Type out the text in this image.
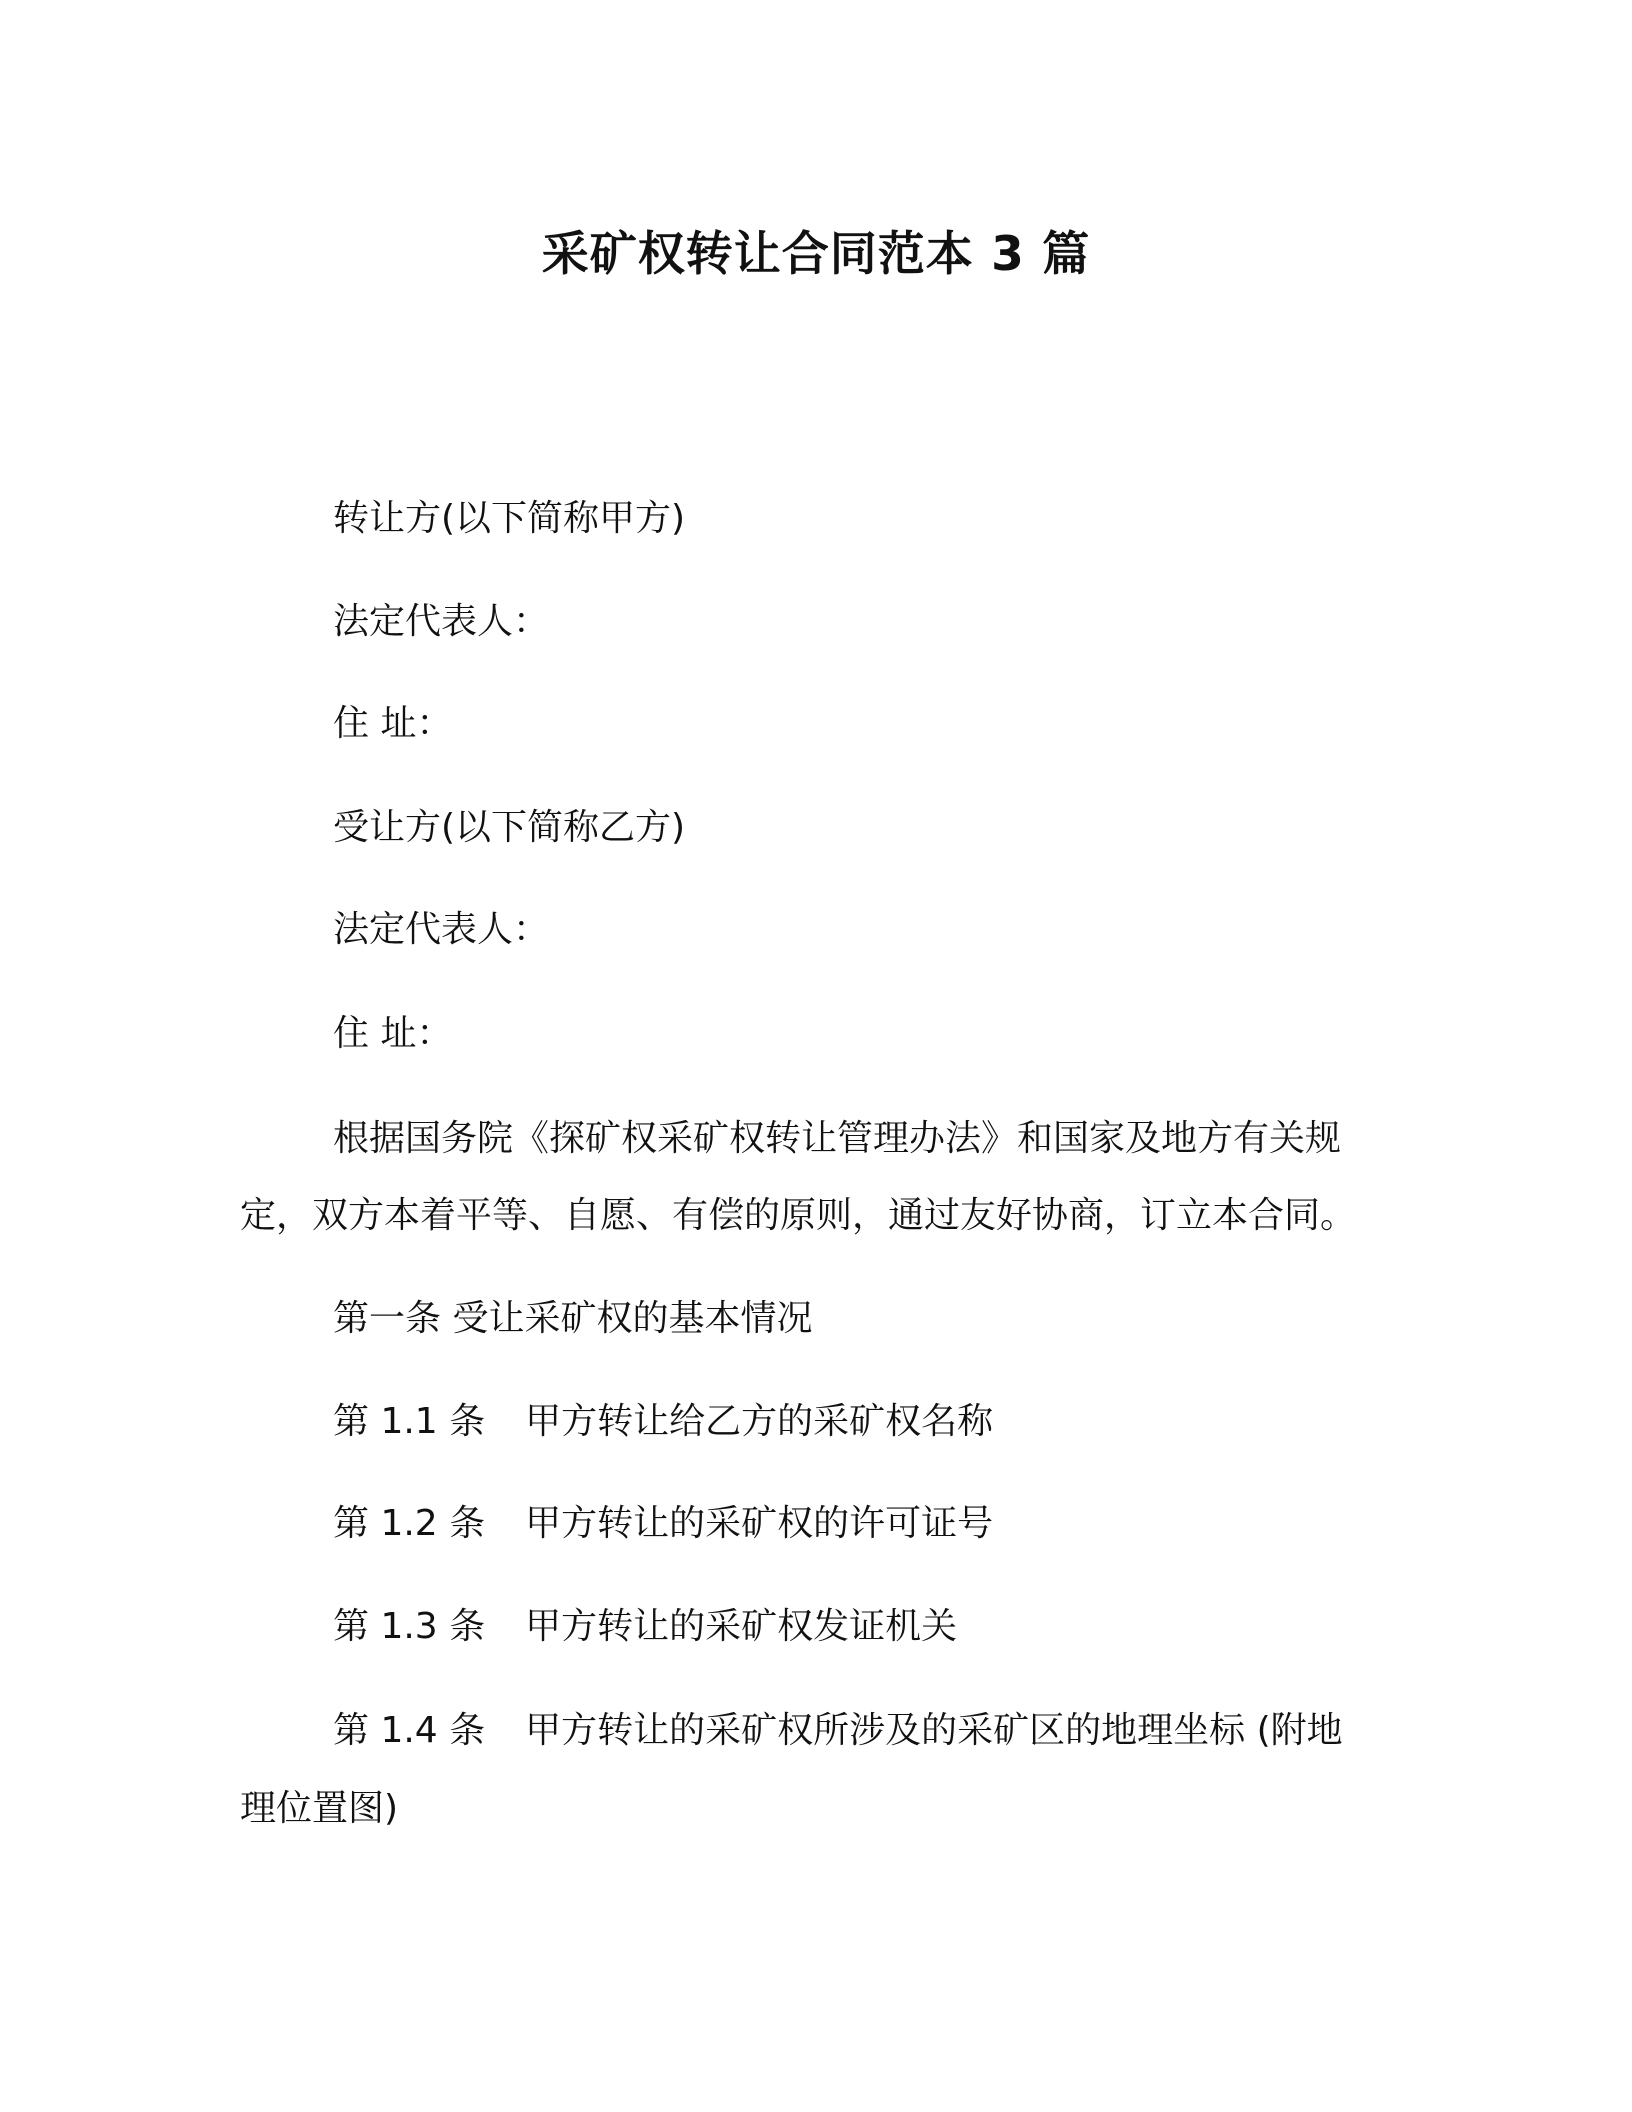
采矿权转让合同范本 3 篇
转让方(以下简称甲方)
法定代表人：
住 址：
受让方(以下简称乙方)
法定代表人：
住 址：
根据国务院《探矿权采矿权转让管理办法》和国家及地方有关规
定，双方本着平等、自愿、有偿的原则，通过友好协商，订立本合同。
第一条 受让采矿权的基本情况
第 1.1 条 甲方转让给乙方的采矿权名称
第 1.2 条 甲方转让的采矿权的许可证号
第 1.3 条 甲方转让的采矿权发证机关
第 1.4 条 甲方转让的采矿权所涉及的采矿区的地理坐标 (附地
理位置图)
